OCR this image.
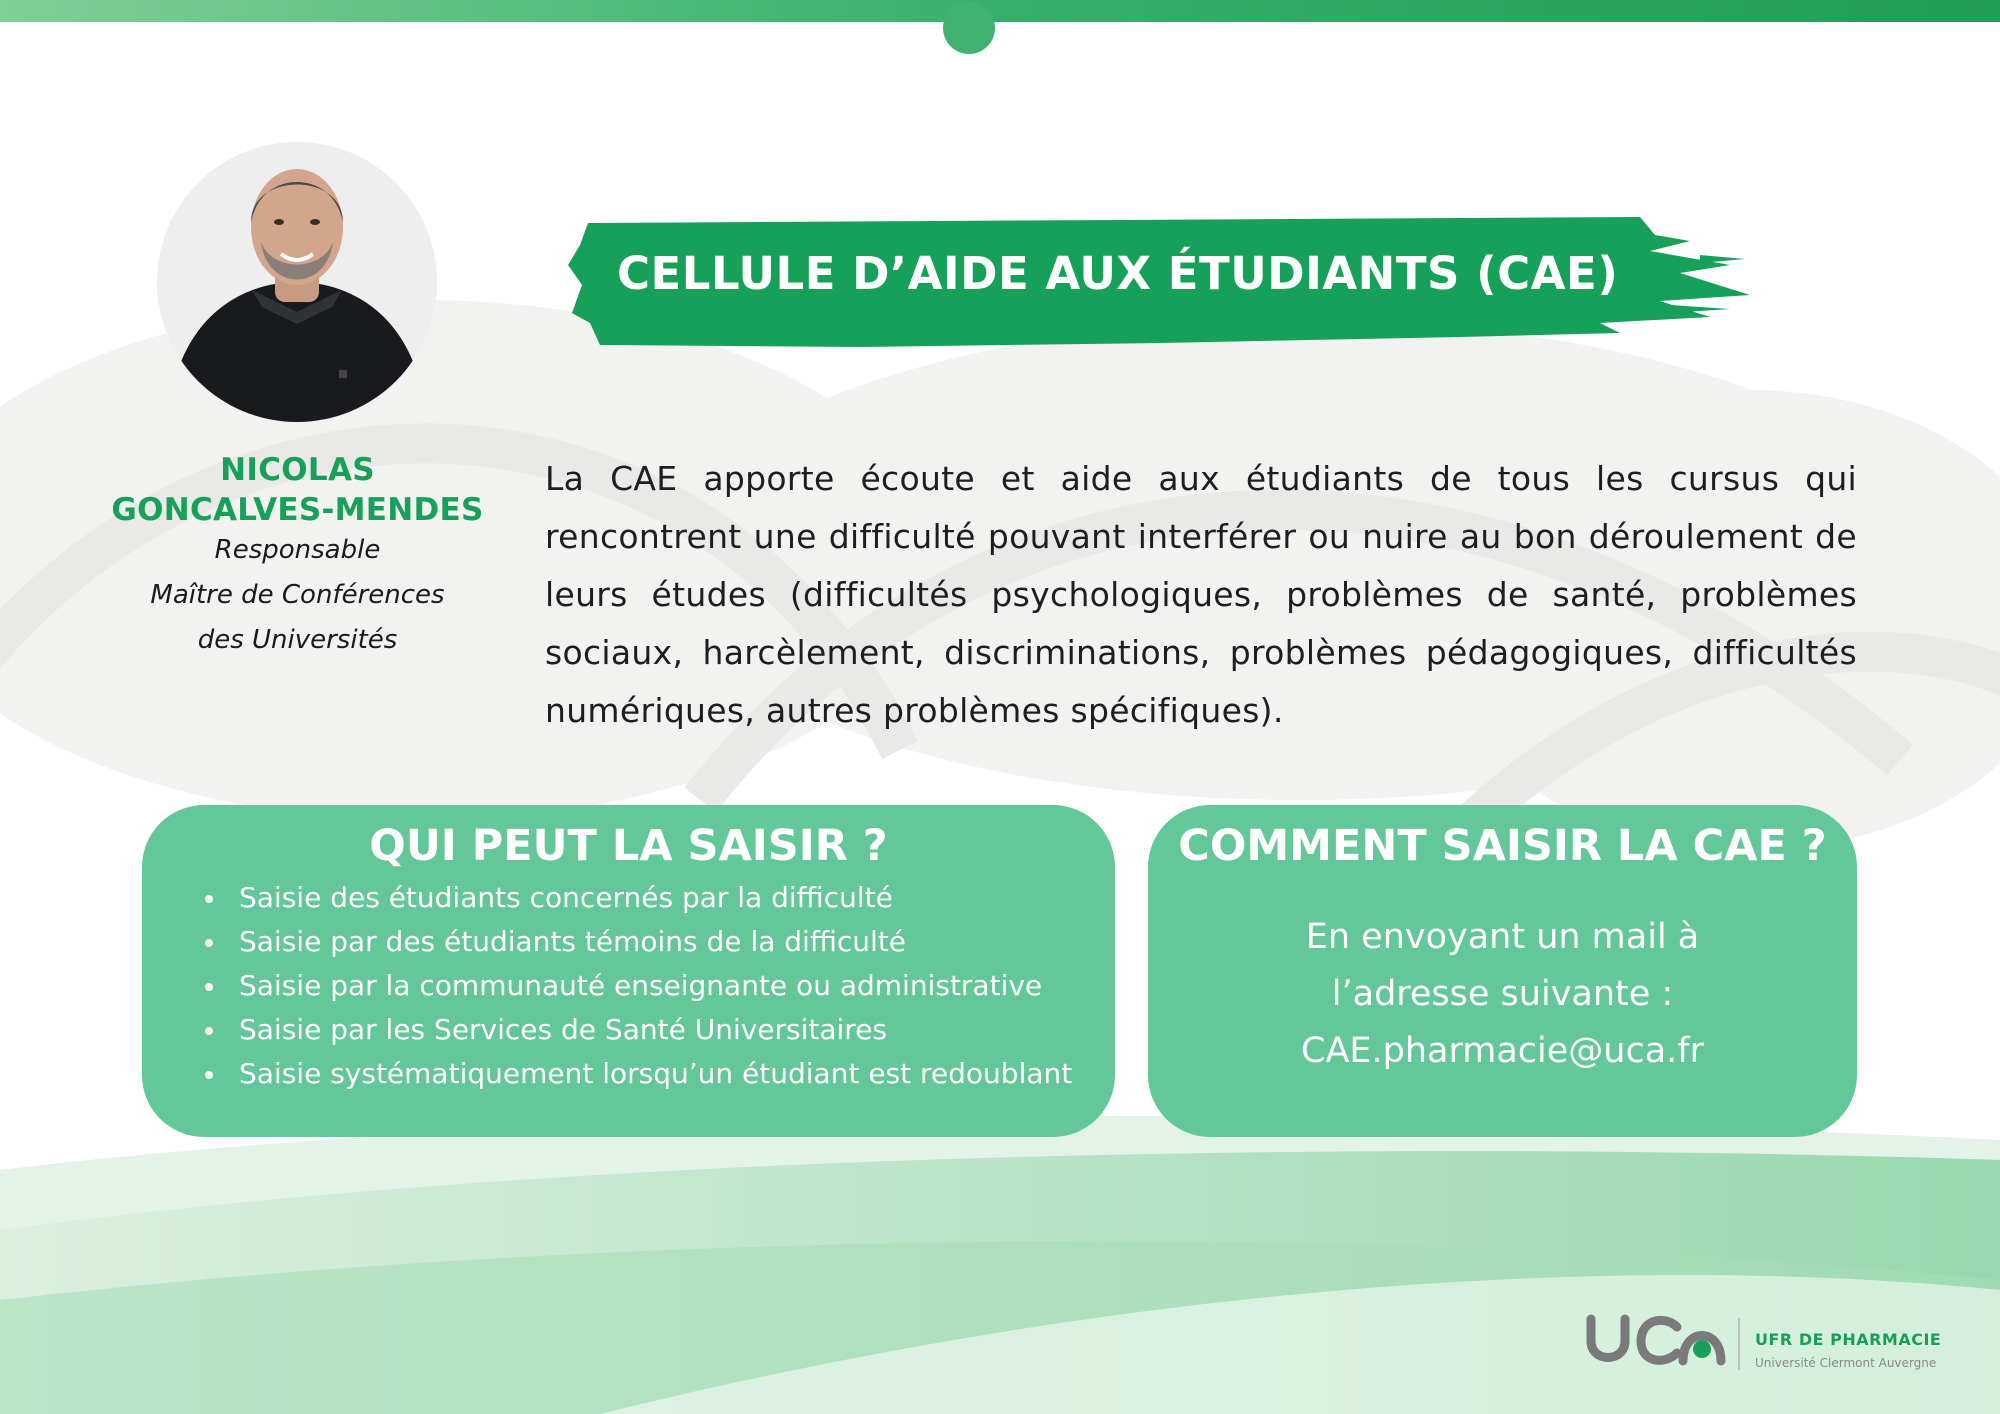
NICOLAS
GONCALVES-MENDES
Responsable
Maître de Conférences
des Universités
CELLULE D’AIDE AUX ÉTUDIANTS (CAE)
La CAE apporte écoute et aide aux étudiants de tous les cursus qui rencontrent une difficulté pouvant interférer ou nuire au bon déroulement de leurs études (difficultés psychologiques, problèmes de santé, problèmes sociaux, harcèlement, discriminations, problèmes pédagogiques, difficultés numériques, autres problèmes spécifiques).
QUI PEUT LA SAISIR ?
Saisie des étudiants concernés par la difficulté
Saisie par des étudiants témoins de la difficulté
Saisie par la communauté enseignante ou administrative
Saisie par les Services de Santé Universitaires
Saisie systématiquement lorsqu’un étudiant est redoublant
COMMENT SAISIR LA CAE ?
En envoyant un mail à
l’adresse suivante :
CAE.pharmacie@uca.fr
UFR DE PHARMACIE
Université Clermont Auvergne
